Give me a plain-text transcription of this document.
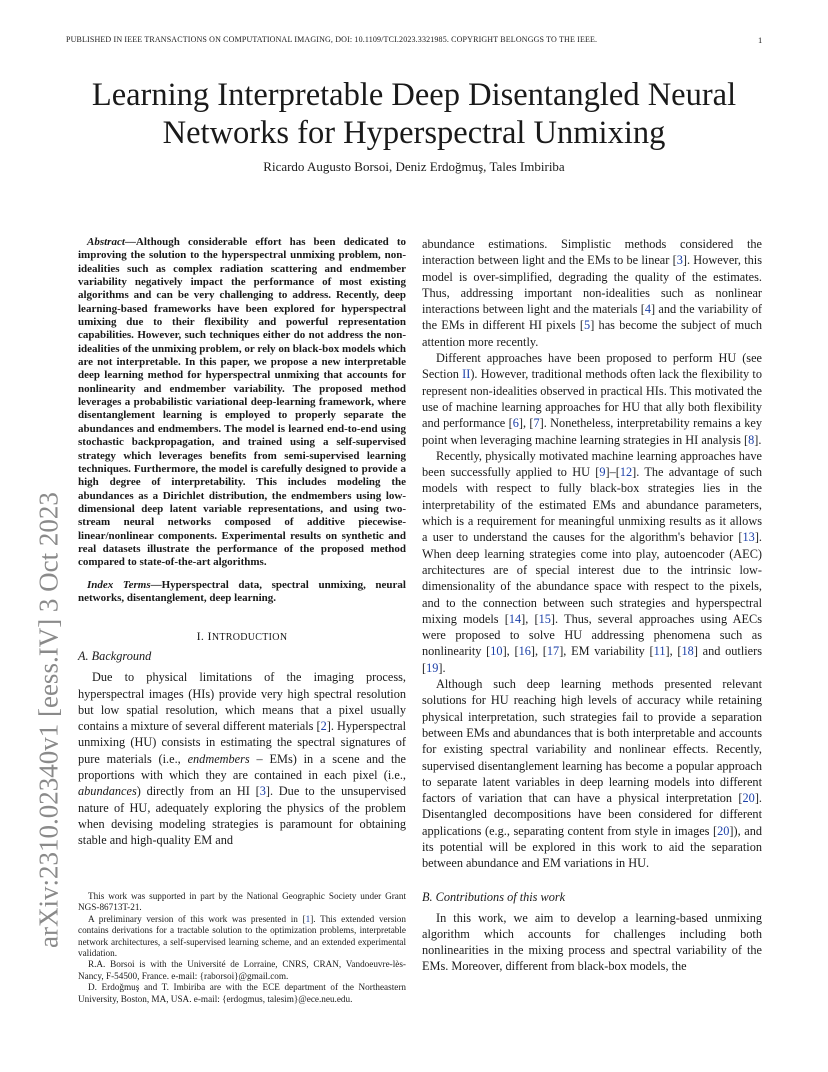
PUBLISHED IN IEEE TRANSACTIONS ON COMPUTATIONAL IMAGING, DOI: 10.1109/TCI.2023.3321985. COPYRIGHT BELONGGS TO THE IEEE.	1
arXiv:2310.02340v1 [eess.IV] 3 Oct 2023
Learning Interpretable Deep Disentangled Neural Networks for Hyperspectral Unmixing
Ricardo Augusto Borsoi, Deniz Erdoğmuş, Tales Imbiriba
Abstract—Although considerable effort has been dedicated to improving the solution to the hyperspectral unmixing problem, non-idealities such as complex radiation scattering and endmember variability negatively impact the performance of most existing algorithms and can be very challenging to address. Recently, deep learning-based frameworks have been explored for hyperspectral umixing due to their flexibility and powerful representation capabilities. However, such techniques either do not address the non-idealities of the unmixing problem, or rely on black-box models which are not interpretable. In this paper, we propose a new interpretable deep learning method for hyperspectral unmixing that accounts for nonlinearity and endmember variability. The proposed method leverages a probabilistic variational deep-learning framework, where disentanglement learning is employed to properly separate the abundances and endmembers. The model is learned end-to-end using stochastic backpropagation, and trained using a self-supervised strategy which leverages benefits from semi-supervised learning techniques. Furthermore, the model is carefully designed to provide a high degree of interpretability. This includes modeling the abundances as a Dirichlet distribution, the endmembers using low-dimensional deep latent variable representations, and using two-stream neural networks composed of additive piecewise-linear/nonlinear components. Experimental results on synthetic and real datasets illustrate the performance of the proposed method compared to state-of-the-art algorithms.
Index Terms—Hyperspectral data, spectral unmixing, neural networks, disentanglement, deep learning.
I. INTRODUCTION
A. Background

Due to physical limitations of the imaging process, hyperspectral images (HIs) provide very high spectral resolution but low spatial resolution, which means that a pixel usually contains a mixture of several different materials [2]. Hyperspectral unmixing (HU) consists in estimating the spectral signatures of pure materials (i.e., endmembers – EMs) in a scene and the proportions with which they are contained in each pixel (i.e., abundances) directly from an HI [3]. Due to the unsupervised nature of HU, adequately exploring the physics of the problem when devising modeling strategies is paramount for obtaining stable and high-quality EM and

This work was supported in part by the National Geographic Society under Grant NGS-86713T-21.

A preliminary version of this work was presented in [1]. This extended version contains derivations for a tractable solution to the optimization problems, interpretable network architectures, a self-supervised learning scheme, and an extended experimental validation.

R.A. Borsoi is with the Université de Lorraine, CNRS, CRAN, Vandoeuvre-lès-Nancy, F-54500, France. e-mail: {raborsoi}@gmail.com.

D. Erdoğmuş and T. Imbiriba are with the ECE department of the Northeastern University, Boston, MA, USA. e-mail: {erdogmus, talesim}@ece.neu.edu.

abundance estimations. Simplistic methods considered the interaction between light and the EMs to be linear [3]. However, this model is over-simplified, degrading the quality of the estimates. Thus, addressing important non-idealities such as nonlinear interactions between light and the materials [4] and the variability of the EMs in different HI pixels [5] has become the subject of much attention more recently.

Different approaches have been proposed to perform HU (see Section II). However, traditional methods often lack the flexibility to represent non-idealities observed in practical HIs. This motivated the use of machine learning approaches for HU that ally both flexibility and performance [6], [7]. Nonetheless, interpretability remains a key point when leveraging machine learning strategies in HI analysis [8].

Recently, physically motivated machine learning approaches have been successfully applied to HU [9]–[12]. The advantage of such models with respect to fully black-box strategies lies in the interpretability of the estimated EMs and abundance parameters, which is a requirement for meaningful unmixing results as it allows a user to understand the causes for the algorithm's behavior [13]. When deep learning strategies come into play, autoencoder (AEC) architectures are of special interest due to the intrinsic low-dimensionality of the abundance space with respect to the pixels, and to the connection between such strategies and hyperspectral mixing models [14], [15]. Thus, several approaches using AECs were proposed to solve HU addressing phenomena such as nonlinearity [10], [16], [17], EM variability [11], [18] and outliers [19].

Although such deep learning methods presented relevant solutions for HU reaching high levels of accuracy while retaining physical interpretation, such strategies fail to provide a separation between EMs and abundances that is both interpretable and accounts for existing spectral variability and nonlinear effects. Recently, supervised disentanglement learning has become a popular approach to separate latent variables in deep learning models into different factors of variation that can have a physical interpretation [20]. Disentangled decompositions have been considered for different applications (e.g., separating content from style in images [20]), and its potential will be explored in this work to aid the separation between abundance and EM variations in HU.

B. Contributions of this work

In this work, we aim to develop a learning-based unmixing algorithm which accounts for challenges including both nonlinearities in the mixing process and spectral variability of the EMs. Moreover, different from black-box models, the
